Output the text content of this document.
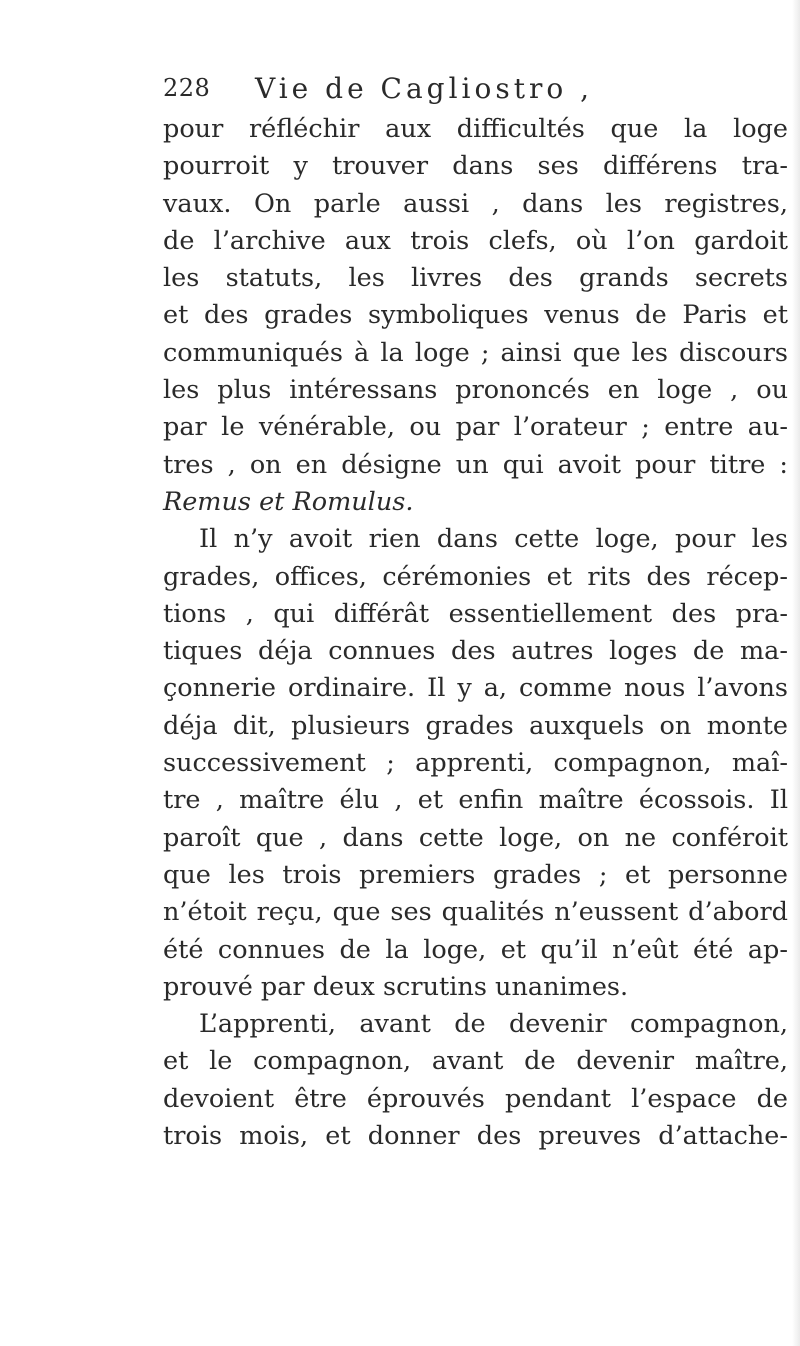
228 Vie de Cagliostro ,
pour réfléchir aux difficultés que la loge
pourroit y trouver dans ses différens tra-
vaux. On parle aussi , dans les registres,
de l’archive aux trois clefs, où l’on gardoit
les statuts, les livres des grands secrets
et des grades symboliques venus de Paris et
communiqués à la loge ; ainsi que les discours
les plus intéressans prononcés en loge , ou
par le vénérable, ou par l’orateur ; entre au-
tres , on en désigne un qui avoit pour titre :
Remus et Romulus.
Il n’y avoit rien dans cette loge, pour les
grades, offices, cérémonies et rits des récep-
tions , qui différât essentiellement des pra-
tiques déja connues des autres loges de ma-
çonnerie ordinaire. Il y a, comme nous l’avons
déja dit, plusieurs grades auxquels on monte
successivement ; apprenti, compagnon, maî-
tre , maître élu , et enfin maître écossois. Il
paroît que , dans cette loge, on ne conféroit
que les trois premiers grades ; et personne
n’étoit reçu, que ses qualités n’eussent d’abord
été connues de la loge, et qu’il n’eût été ap-
prouvé par deux scrutins unanimes.
L’apprenti, avant de devenir compagnon,
et le compagnon, avant de devenir maître,
devoient être éprouvés pendant l’espace de
trois mois, et donner des preuves d’attache-
